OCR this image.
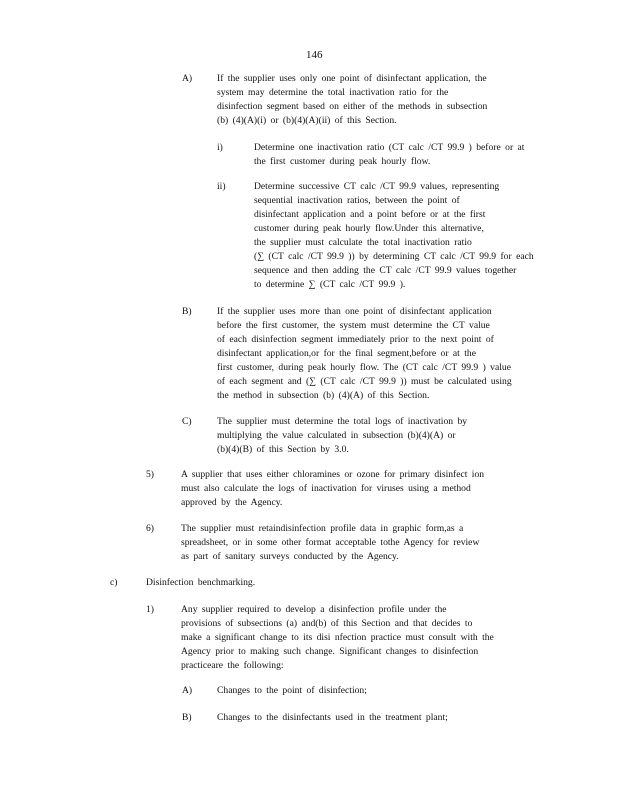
146
A)	If the supplier uses only one point of disinfectant application, the

system may determine the total inactivation ratio for the

disinfection segment based on either of the methods in subsection

(b) (4)(A)(i) or (b)(4)(A)(ii) of this Section.

i)	Determine one inactivation ratio (CT calc /CT 99.9 ) before or at

the first customer during peak hourly flow.

ii)	Determine successive CT calc /CT 99.9 values, representing

sequential inactivation ratios, between the point of

disinfectant application and a point before or at the first

customer during peak hourly flow.Under this alternative,

the supplier must calculate the total inactivation ratio

(∑ (CT calc /CT 99.9 )) by determining CT calc /CT 99.9 for each

sequence and then adding the CT calc /CT 99.9 values together

to determine ∑ (CT calc /CT 99.9 ).

B)	If the supplier uses more than one point of disinfectant application

before the first customer, the system must determine the CT value

of each disinfection segment immediately prior to the next point of

disinfectant application,or for the final segment,before or at the

first customer, during peak hourly flow. The (CT calc /CT 99.9 ) value

of each segment and (∑ (CT calc /CT 99.9 )) must be calculated using

the method in subsection (b) (4)(A) of this Section.

C)	The supplier must determine the total logs of inactivation by

multiplying the value calculated in subsection (b)(4)(A) or

(b)(4)(B) of this Section by 3.0.

5)	A supplier that uses either chloramines or ozone for primary disinfect ion

must also calculate the logs of inactivation for viruses using a method

approved by the Agency.

6)	The supplier must retaindisinfection profile data in graphic form,as a

spreadsheet, or in some other format acceptable tothe Agency for review

as part of sanitary surveys conducted by the Agency.

c)	Disinfection benchmarking.

1)	Any supplier required to develop a disinfection profile under the

provisions of subsections (a) and(b) of this Section and that decides to

make a significant change to its disi nfection practice must consult with the

Agency prior to making such change. Significant changes to disinfection

practiceare the following:

A)	Changes to the point of disinfection;

B)	Changes to the disinfectants used in the treatment plant;
